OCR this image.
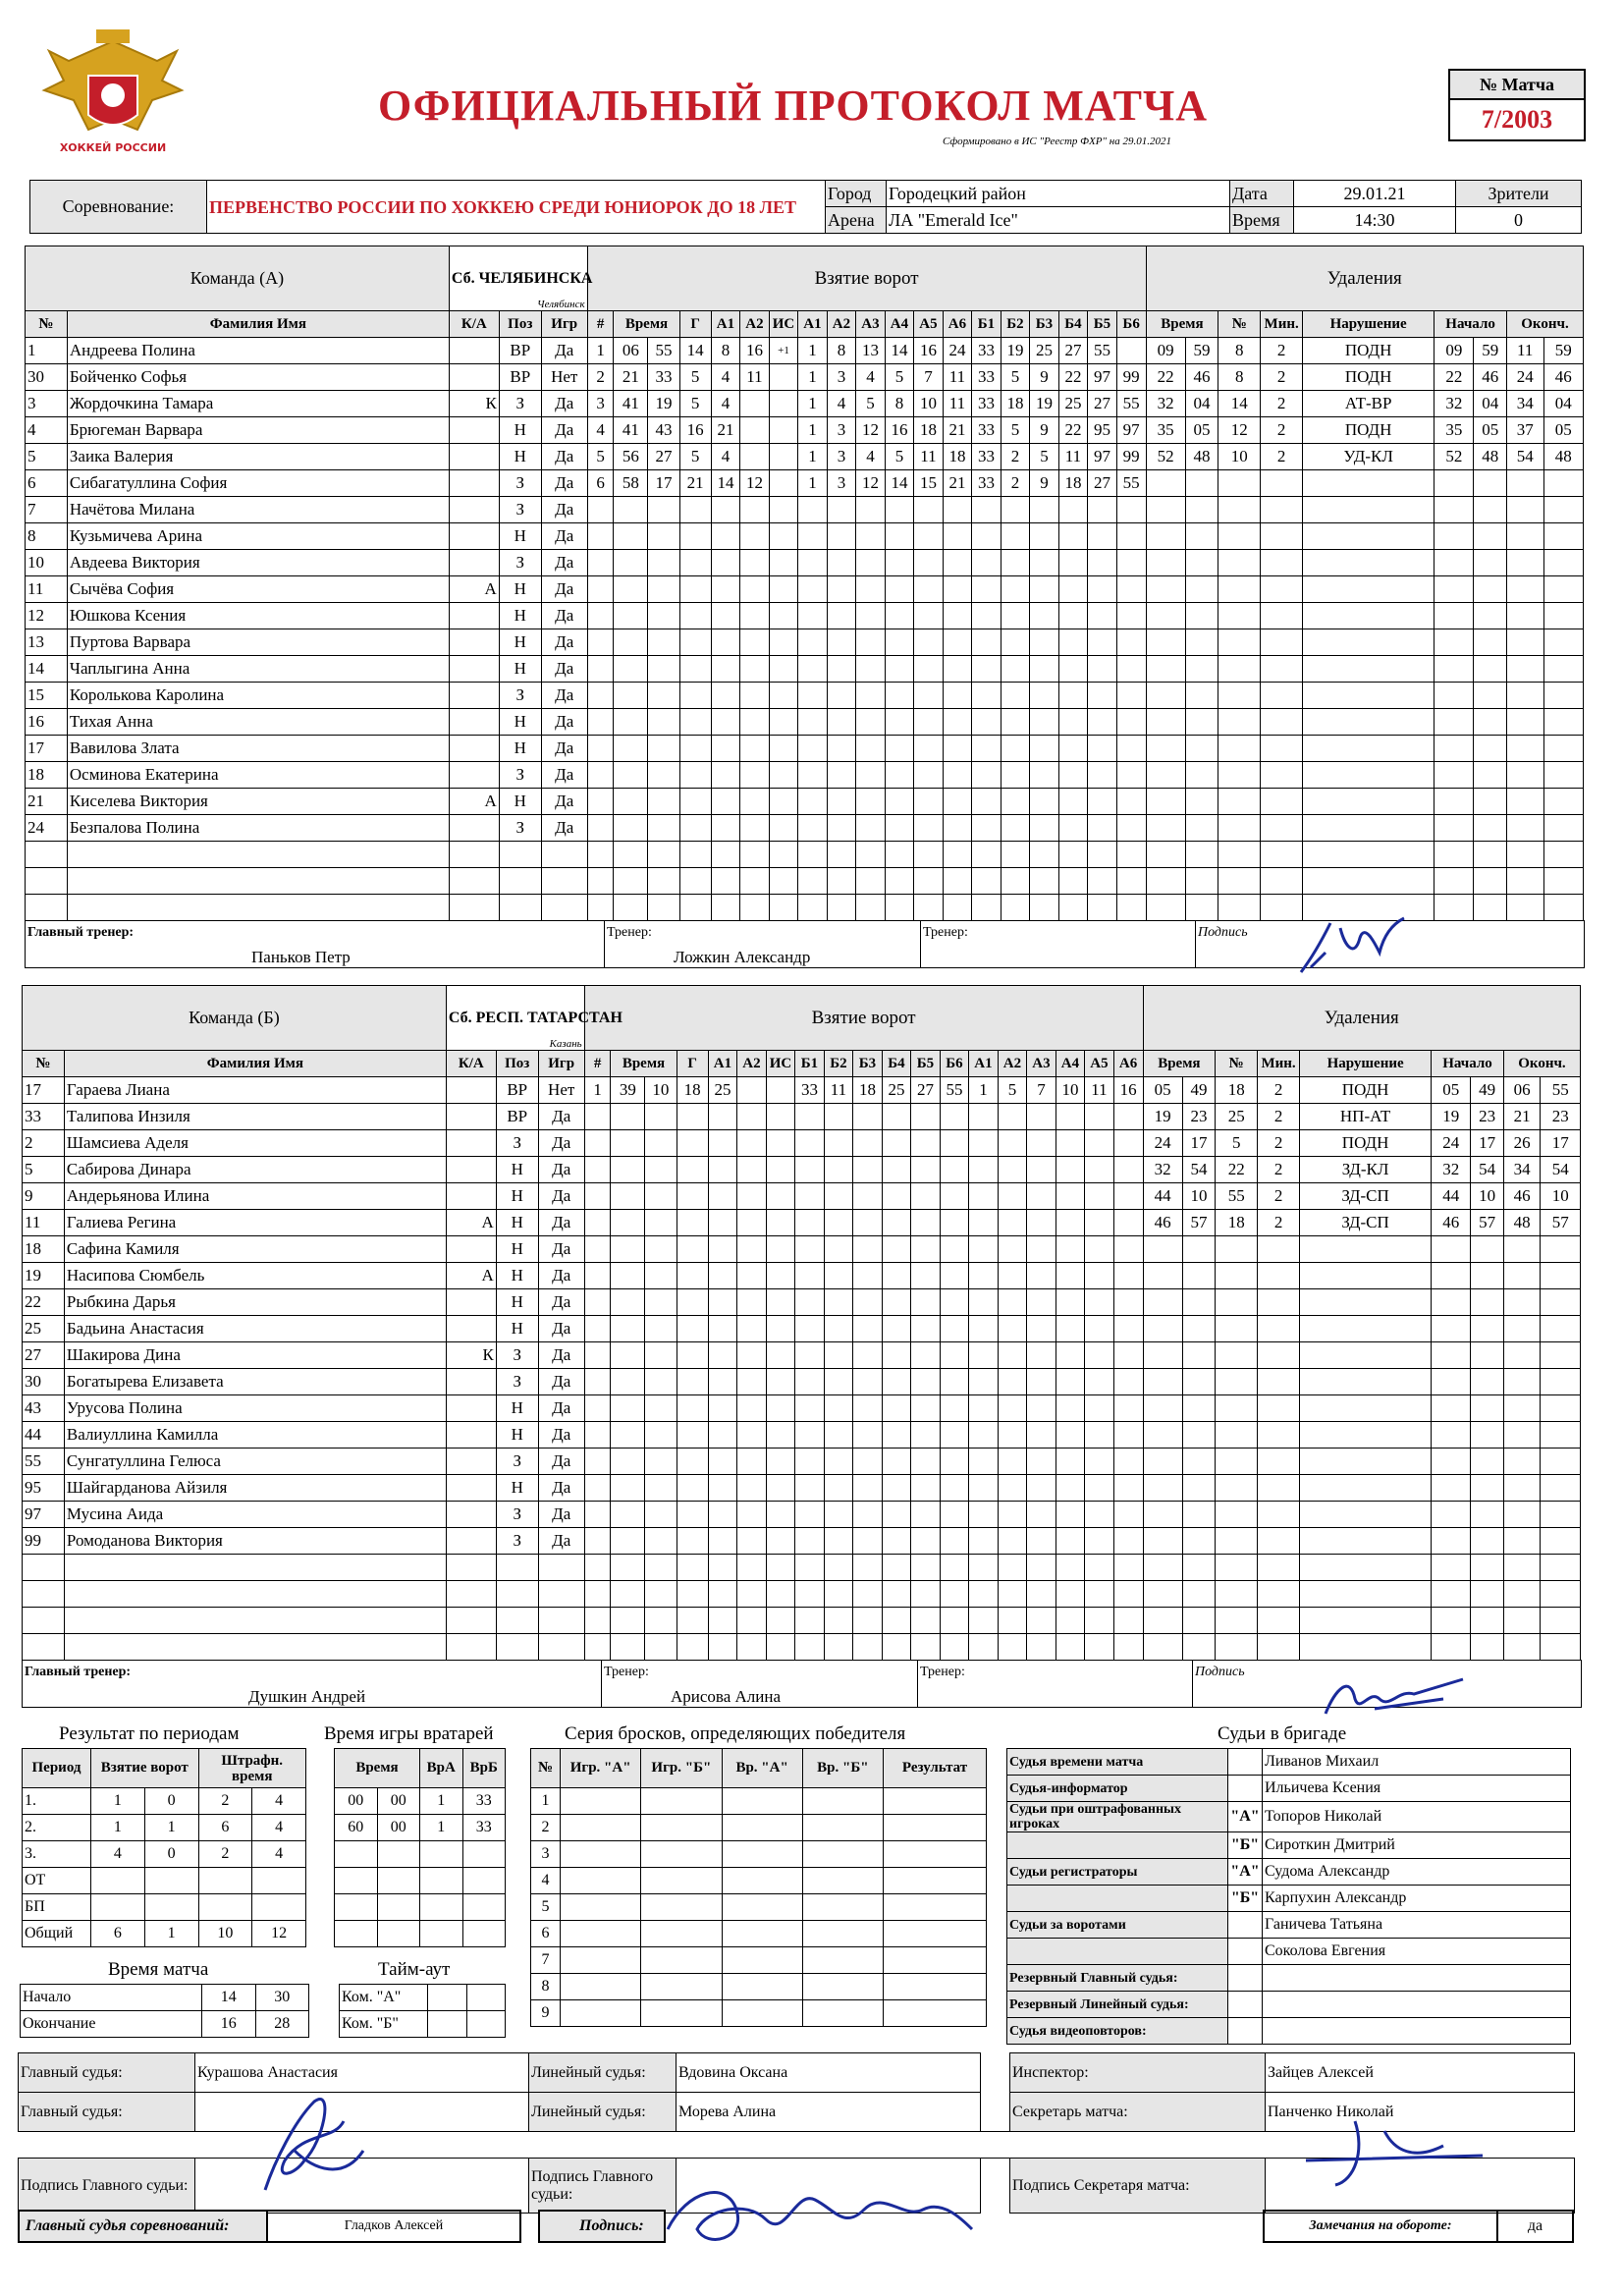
ХОККЕЙ РОССИИ
ОФИЦИАЛЬНЫЙ ПРОТОКОЛ МАТЧА
Сформировано в ИС "Реестр ФХР" на 29.01.2021
№ Матча
7/2003
Соревнование:	ПЕРВЕНСТВО РОССИИ ПО ХОККЕЮ СРЕДИ ЮНИОРОК ДО 18 ЛЕТ	Город	Городецкий район	Дата	29.01.21	Зрители
		Арена	ЛА "Emerald Ice"	Время	14:30	0
Команда (А)		Сб. ЧЕЛЯБИНСКА
Челябинск			Взятие ворот																			Удаления								
№	Фамилия Имя	К/А	Поз	Игр	#	Время		Г	А1	А2	ИС	А1	А2	А3	А4	А5	А6	Б1	Б2	Б3	Б4	Б5	Б6	Время		№	Мин.	Нарушение	Начало		Оконч.	
1	Андреева Полина		ВР	Да	1	06	55	14	8	16	+1	1	8	13	14	16	24	33	19	25	27	55		09	59	8	2	ПОДН	09	59	11	59
30	Бойченко Софья		ВР	Нет	2	21	33	5	4	11		1	3	4	5	7	11	33	5	9	22	97	99	22	46	8	2	ПОДН	22	46	24	46
3	Жордочкина Тамара	К	З	Да	3	41	19	5	4			1	4	5	8	10	11	33	18	19	25	27	55	32	04	14	2	АТ-ВР	32	04	34	04
4	Брюгеман Варвара		Н	Да	4	41	43	16	21			1	3	12	16	18	21	33	5	9	22	95	97	35	05	12	2	ПОДН	35	05	37	05
5	Заика Валерия		Н	Да	5	56	27	5	4			1	3	4	5	11	18	33	2	5	11	97	99	52	48	10	2	УД-КЛ	52	48	54	48
6	Сибагатуллина София		З	Да	6	58	17	21	14	12		1	3	12	14	15	21	33	2	9	18	27	55									
7	Начётова Милана		З	Да																												
8	Кузьмичева Арина		Н	Да																												
10	Авдеева Виктория		З	Да																												
11	Сычёва София	А	Н	Да																												
12	Юшкова Ксения		Н	Да																												
13	Пуртова Варвара		Н	Да																												
14	Чаплыгина Анна		Н	Да																												
15	Королькова Каролина		З	Да																												
16	Тихая Анна		Н	Да																												
17	Вавилова Злата		Н	Да																												
18	Осминова Екатерина		З	Да																												
21	Киселева Виктория	А	Н	Да																												
24	Безпалова Полина		З	Да																												

Главный тренер:
Паньков Петр
	Тренер:
Ложкин Александр
	Тренер:	Подпись
Команда (Б)		Сб. РЕСП. ТАТАРСТАН
Казань			Взятие ворот																			Удаления								
№	Фамилия Имя	К/А	Поз	Игр	#	Время		Г	А1	А2	ИС	Б1	Б2	Б3	Б4	Б5	Б6	А1	А2	А3	А4	А5	А6	Время		№	Мин.	Нарушение	Начало		Оконч.	
17	Гараева Лиана		ВР	Нет	1	39	10	18	25			33	11	18	25	27	55	1	5	7	10	11	16	05	49	18	2	ПОДН	05	49	06	55
33	Талипова Инзиля		ВР	Да																				19	23	25	2	НП-АТ	19	23	21	23
2	Шамсиева Аделя		З	Да																				24	17	5	2	ПОДН	24	17	26	17
5	Сабирова Динара		Н	Да																				32	54	22	2	ЗД-КЛ	32	54	34	54
9	Андерьянова Илина		Н	Да																				44	10	55	2	ЗД-СП	44	10	46	10
11	Галиева Регина	А	Н	Да																				46	57	18	2	ЗД-СП	46	57	48	57
18	Сафина Камиля		Н	Да																												
19	Насипова Сюмбель	А	Н	Да																												
22	Рыбкина Дарья		Н	Да																												
25	Бадьина Анастасия		Н	Да																												
27	Шакирова Дина	К	З	Да																												
30	Богатырева Елизавета		З	Да																												
43	Урусова Полина		Н	Да																												
44	Валиуллина Камилла		Н	Да																												
55	Сунгатуллина Гелюса		З	Да																												
95	Шайгарданова Айзиля		Н	Да																												
97	Мусина Аида		З	Да																												
99	Ромоданова Виктория		З	Да																												

Главный тренер:
Душкин Андрей
	Тренер:
Арисова Алина
	Тренер:	Подпись
Результат по периодам
Период	Взятие ворот		Штрафн. время	
1.	1	0	2	4
2.	1	1	6	4
3.	4	0	2	4
ОТ				
БП				
Общий	6	1	10	12
Время игры вратарей
Время		ВрА	ВрБ
00	00	1	33
60	00	1	33

Серия бросков, определяющих победителя
№	Игр. "А"	Игр. "Б"	Вр. "А"	Вр. "Б"	Результат
1					
2					
3					
4					
5					
6					
7					
8					
9					
Время матча
Начало	14	30
Окончание	16	28
Тайм-аут
Ком. "А"		
Ком. "Б"		
Судьи в бригаде
Судья времени матча		Ливанов Михаил
Судья-информатор		Ильичева Ксения
Судьи при оштрафованных игроках	"А"	Топоров Николай
	"Б"	Сироткин Дмитрий
Судьи регистраторы	"А"	Судома Александр
	"Б"	Карпухин Александр
Судьи за воротами		Ганичева Татьяна
		Соколова Евгения
Резервный Главный судья:		
Резервный Линейный судья:		
Судья видеоповторов:		
Главный судья:	Курашова Анастасия	Линейный судья:	Вдовина Оксана		Инспектор:	Зайцев Алексей
Главный судья:		Линейный судья:	Морева Алина		Секретарь матча:	Панченко Николай

Подпись Главного судьи:		Подпись Главного судьи:			Подпись Секретаря матча:	
Главный судья соревнований:	Гладков Алексей	Подпись:	Замечания на обороте:	да
